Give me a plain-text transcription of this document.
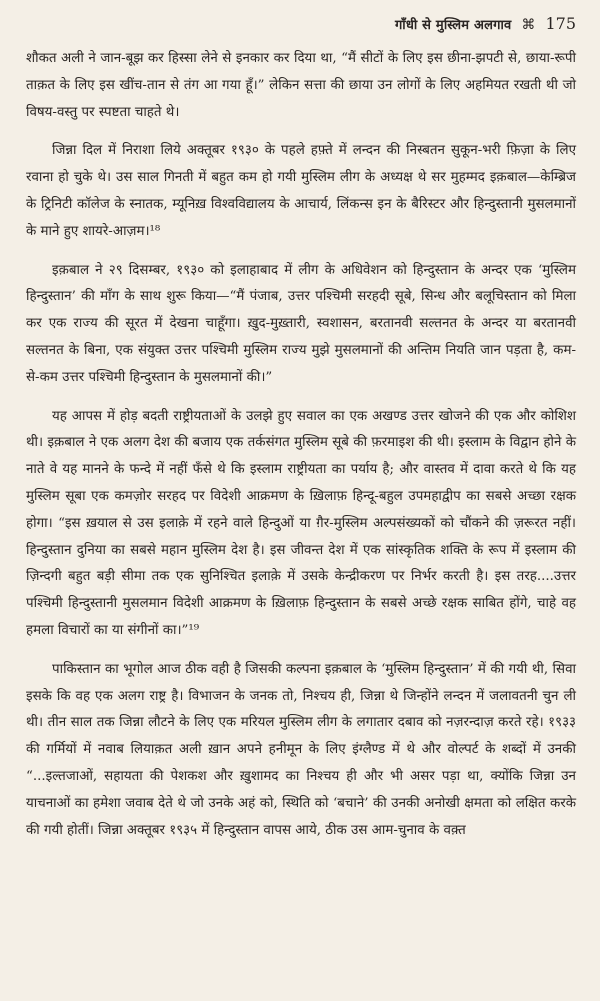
गाँधी से मुस्लिम अलगाव ⌘ 175

शौकत अली ने जान-बूझ कर हिस्सा लेने से इनकार कर दिया था, “मैं सीटों के लिए इस छीना-झपटी से, छाया-रूपी ताक़त के लिए इस खींच-तान से तंग आ गया हूँ।” लेकिन सत्ता की छाया उन लोगों के लिए अहमियत रखती थी जो विषय-वस्तु पर स्पष्टता चाहते थे।

जिन्ना दिल में निराशा लिये अक्तूबर १९३० के पहले हफ़्ते में लन्दन की निस्बतन सुकून-भरी फ़िज़ा के लिए रवाना हो चुके थे। उस साल गिनती में बहुत कम हो गयी मुस्लिम लीग के अध्यक्ष थे सर मुहम्मद इक़बाल—केम्ब्रिज के ट्रिनिटी कॉलेज के स्नातक, म्यूनिख़ विश्वविद्यालय के आचार्य, लिंकन्स इन के बैरिस्टर और हिन्दुस्तानी मुसलमानों के माने हुए शायरे-आज़म।¹⁸

इक़बाल ने २९ दिसम्बर, १९३० को इलाहाबाद में लीग के अधिवेशन को हिन्दुस्तान के अन्दर एक ‘मुस्लिम हिन्दुस्तान’ की माँग के साथ शुरू किया—“मैं पंजाब, उत्तर पश्चिमी सरहदी सूबे, सिन्ध और बलूचिस्तान को मिला कर एक राज्य की सूरत में देखना चाहूँगा। ख़ुद-मुख़्तारी, स्वशासन, बरतानवी सल्तनत के अन्दर या बरतानवी सल्तनत के बिना, एक संयुक्त उत्तर पश्चिमी मुस्लिम राज्य मुझे मुसलमानों की अन्तिम नियति जान पड़ता है, कम-से-कम उत्तर पश्चिमी हिन्दुस्तान के मुसलमानों की।”

यह आपस में होड़ बदती राष्ट्रीयताओं के उलझे हुए सवाल का एक अखण्ड उत्तर खोजने की एक और कोशिश थी। इक़बाल ने एक अलग देश की बजाय एक तर्कसंगत मुस्लिम सूबे की फ़रमाइश की थी। इस्लाम के विद्वान होने के नाते वे यह मानने के फन्दे में नहीं फँसे थे कि इस्लाम राष्ट्रीयता का पर्याय है; और वास्तव में दावा करते थे कि यह मुस्लिम सूबा एक कमज़ोर सरहद पर विदेशी आक्रमण के ख़िलाफ़ हिन्दू-बहुल उपमहाद्वीप का सबसे अच्छा रक्षक होगा। “इस ख़याल से उस इलाक़े में रहने वाले हिन्दुओं या ग़ैर-मुस्लिम अल्पसंख्यकों को चौंकने की ज़रूरत नहीं। हिन्दुस्तान दुनिया का सबसे महान मुस्लिम देश है। इस जीवन्त देश में एक सांस्कृतिक शक्ति के रूप में इस्लाम की ज़िन्दगी बहुत बड़ी सीमा तक एक सुनिश्चित इलाक़े में उसके केन्द्रीकरण पर निर्भर करती है। इस तरह....उत्तर पश्चिमी हिन्दुस्तानी मुसलमान विदेशी आक्रमण के ख़िलाफ़ हिन्दुस्तान के सबसे अच्छे रक्षक साबित होंगे, चाहे वह हमला विचारों का या संगीनों का।”¹⁹

पाकिस्तान का भूगोल आज ठीक वही है जिसकी कल्पना इक़बाल के ‘मुस्लिम हिन्दुस्तान’ में की गयी थी, सिवा इसके कि वह एक अलग राष्ट्र है। विभाजन के जनक तो, निश्चय ही, जिन्ना थे जिन्होंने लन्दन में जलावतनी चुन ली थी। तीन साल तक जिन्ना लौटने के लिए एक मरियल मुस्लिम लीग के लगातार दबाव को नज़रन्दाज़ करते रहे। १९३३ की गर्मियों में नवाब लियाक़त अली ख़ान अपने हनीमून के लिए इंग्लैण्ड में थे और वोल्पर्ट के शब्दों में उनकी “...इल्तजाओं, सहायता की पेशकश और ख़ुशामद का निश्चय ही और भी असर पड़ा था, क्योंकि जिन्ना उन याचनाओं का हमेशा जवाब देते थे जो उनके अहं को, स्थिति को ‘बचाने’ की उनकी अनोखी क्षमता को लक्षित करके की गयी होतीं। जिन्ना अक्तूबर १९३५ में हिन्दुस्तान वापस आये, ठीक उस आम-चुनाव के वक़्त
